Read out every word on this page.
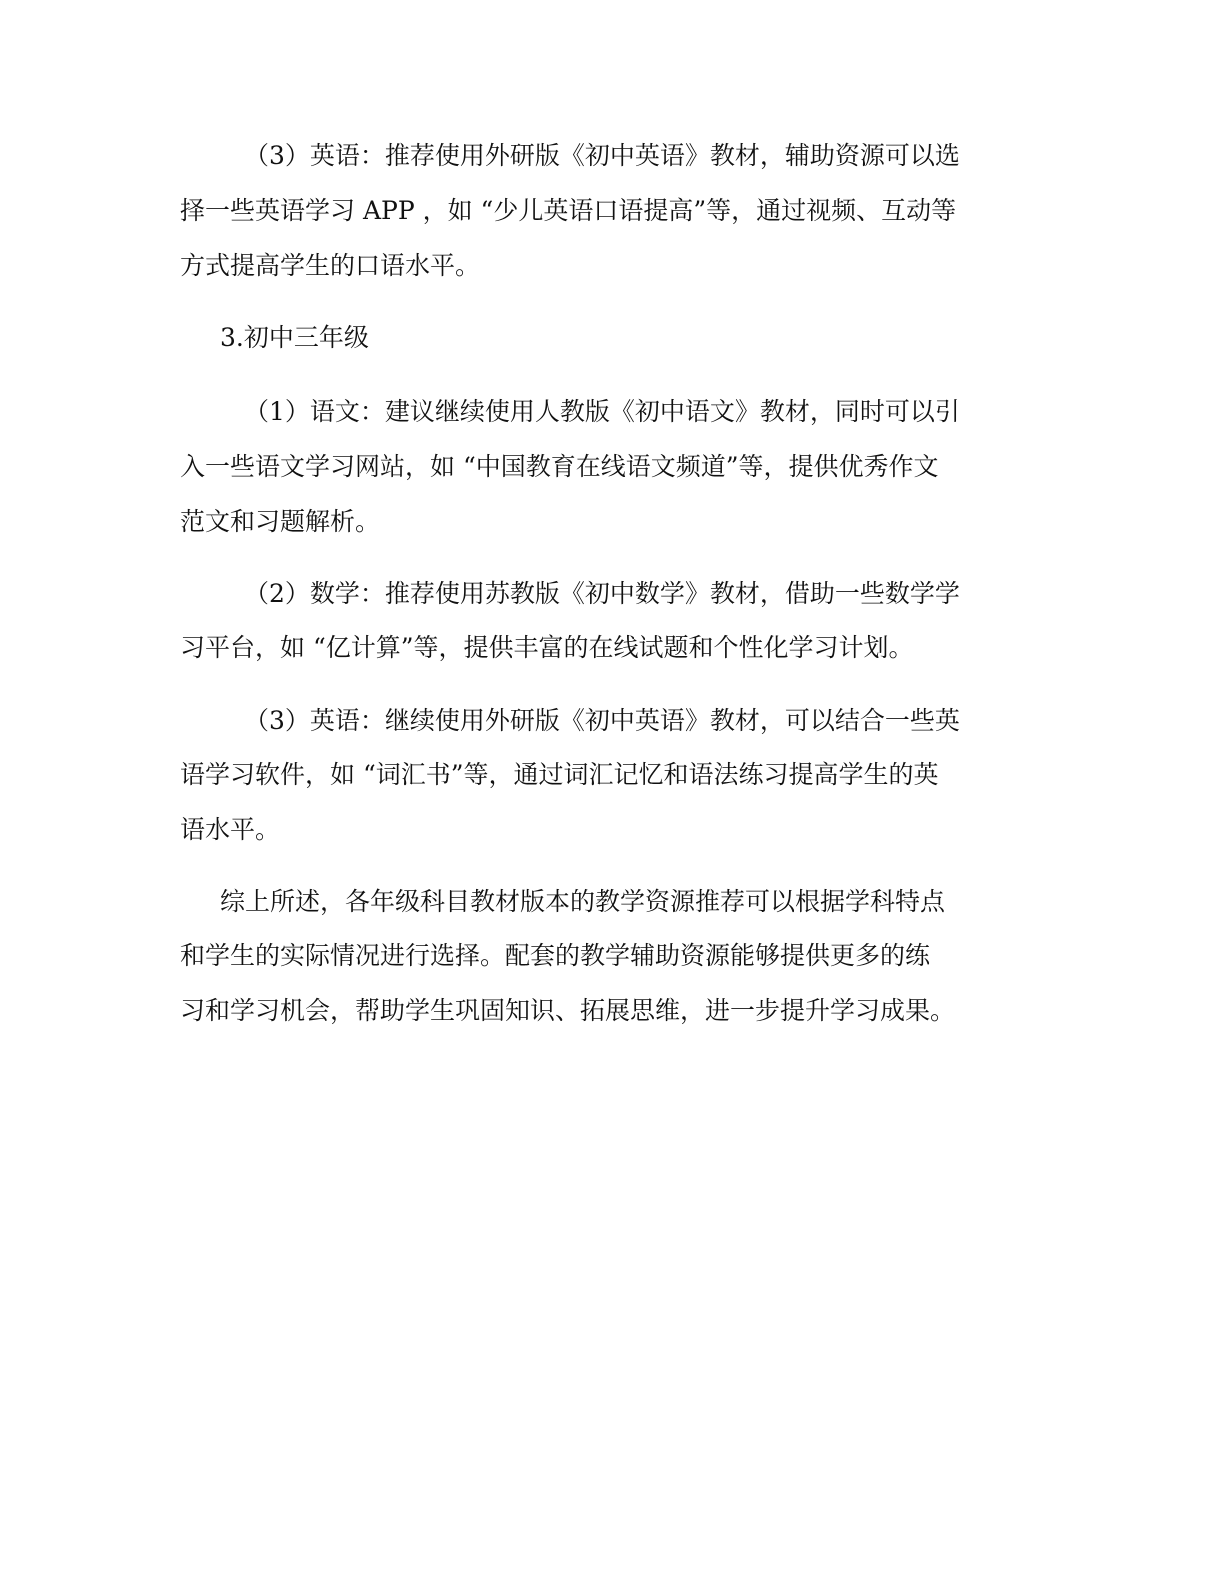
（3）英语：推荐使用外研版《初中英语》教材，辅助资源可以选

择一些英语学习 APP ，如 “少儿英语口语提高”等，通过视频、互动等

方式提高学生的口语水平。

3.初中三年级

（1）语文：建议继续使用人教版《初中语文》教材，同时可以引

入一些语文学习网站，如 “中国教育在线语文频道”等，提供优秀作文

范文和习题解析。

（2）数学：推荐使用苏教版《初中数学》教材，借助一些数学学

习平台，如 “亿计算”等，提供丰富的在线试题和个性化学习计划。

（3）英语：继续使用外研版《初中英语》教材，可以结合一些英

语学习软件，如 “词汇书”等，通过词汇记忆和语法练习提高学生的英

语水平。

综上所述，各年级科目教材版本的教学资源推荐可以根据学科特点

和学生的实际情况进行选择。配套的教学辅助资源能够提供更多的练

习和学习机会，帮助学生巩固知识、拓展思维，进一步提升学习成果。
